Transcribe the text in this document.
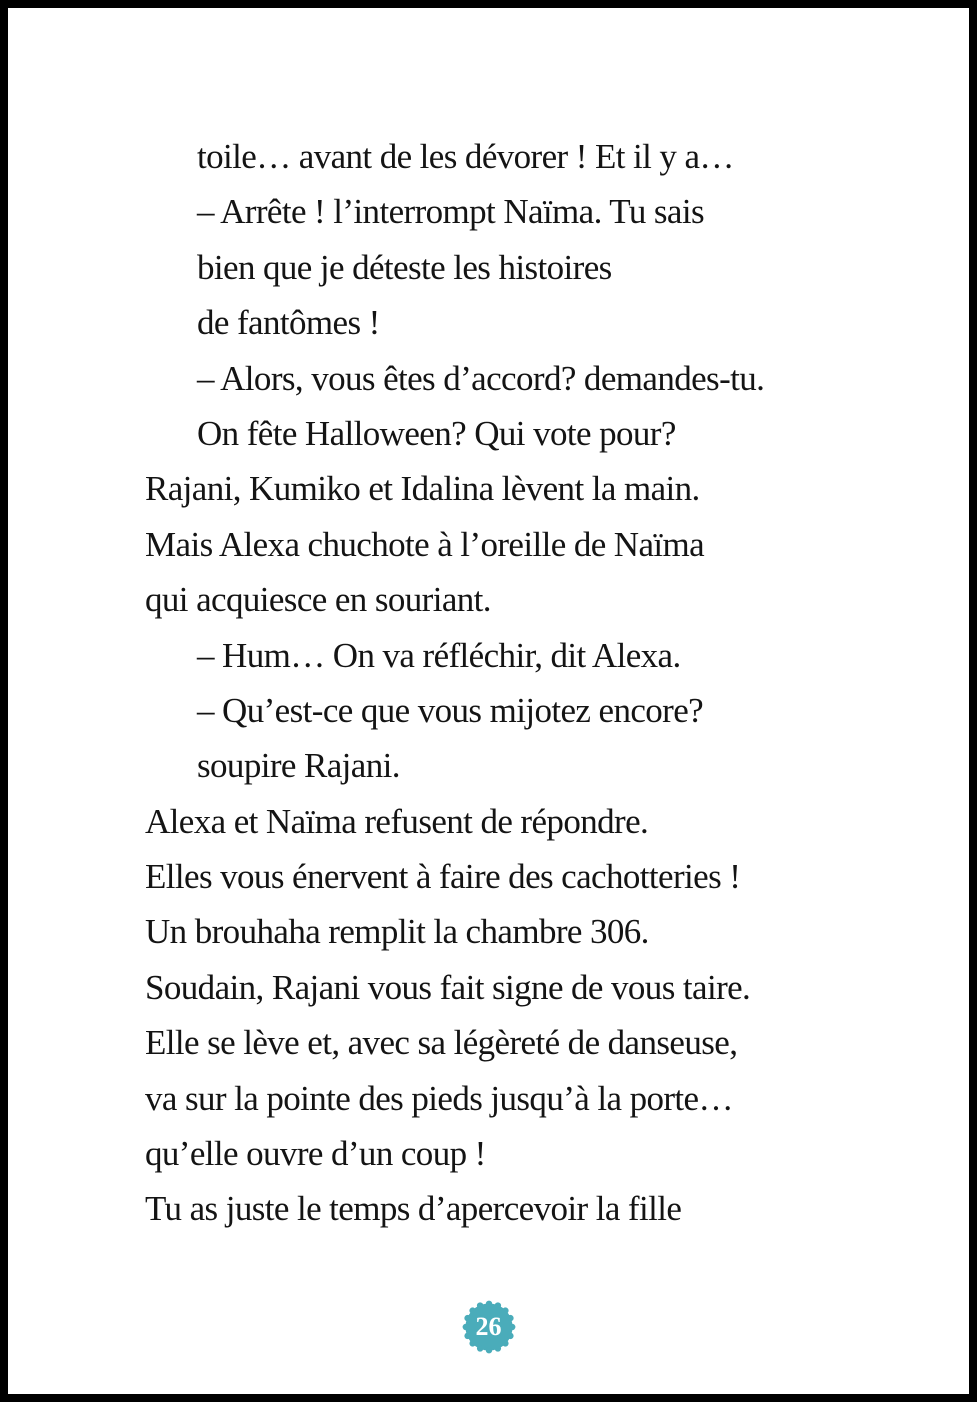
toile… avant de les dévorer ! Et il y a…
– Arrête ! l’interrompt Naïma. Tu sais
bien que je déteste les histoires
de fantômes !
– Alors, vous êtes d’accord? demandes-tu.
On fête Halloween? Qui vote pour?
Rajani, Kumiko et Idalina lèvent la main.
Mais Alexa chuchote à l’oreille de Naïma
qui acquiesce en souriant.
– Hum… On va réfléchir, dit Alexa.
– Qu’est-ce que vous mijotez encore?
soupire Rajani.
Alexa et Naïma refusent de répondre.
Elles vous énervent à faire des cachotteries !
Un brouhaha remplit la chambre 306.
Soudain, Rajani vous fait signe de vous taire.
Elle se lève et, avec sa légèreté de danseuse,
va sur la pointe des pieds jusqu’à la porte…
qu’elle ouvre d’un coup !
Tu as juste le temps d’apercevoir la fille
26
